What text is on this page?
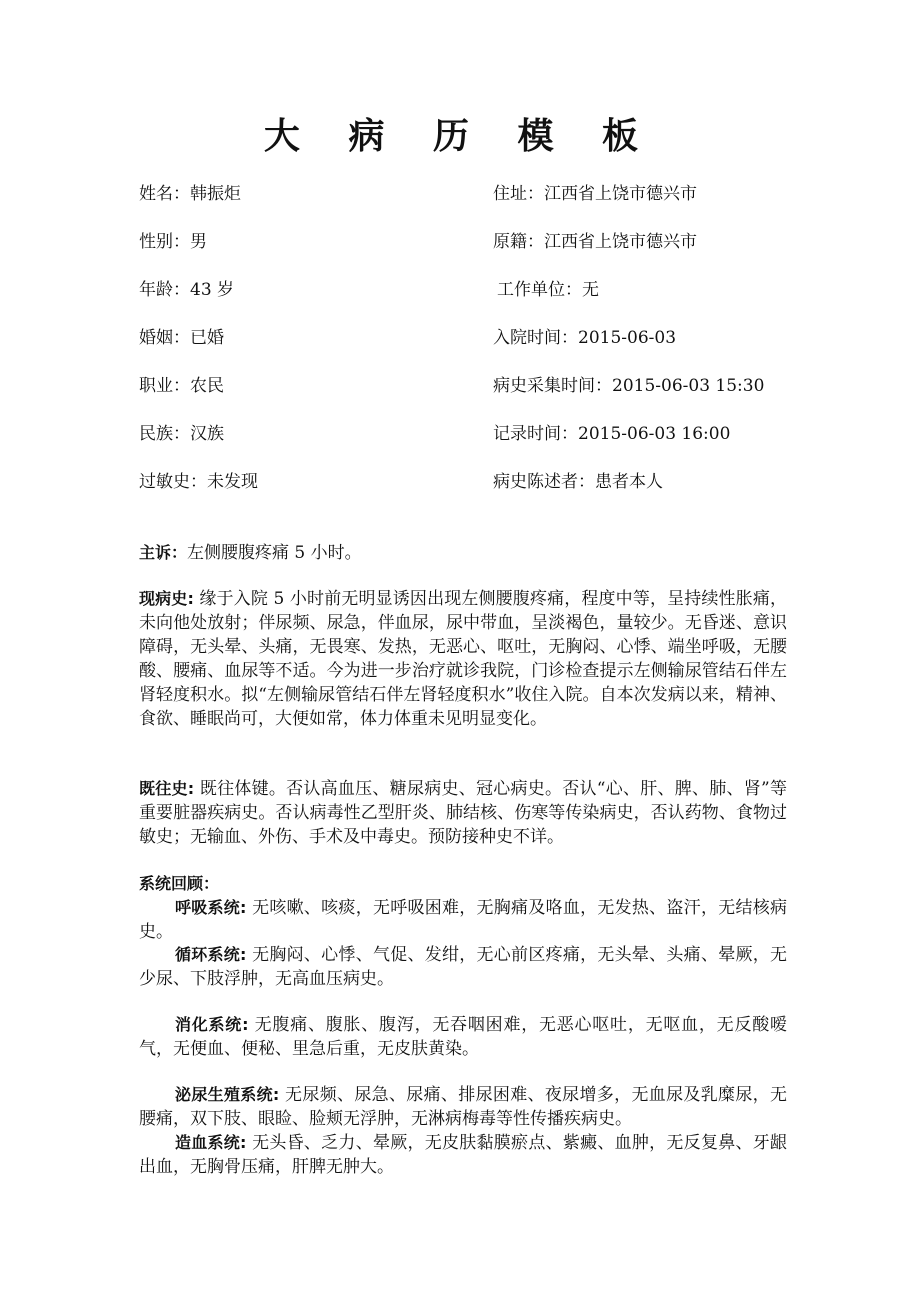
大 病 历 模 板
姓名：韩振炬
性别：男
年龄：43 岁
婚姻：已婚
职业：农民
民族：汉族
过敏史：未发现
住址：江西省上饶市德兴市
原籍：江西省上饶市德兴市
工作单位：无
入院时间：2015-06-03
病史采集时间：2015-06-03 15:30
记录时间：2015-06-03 16:00
病史陈述者：患者本人
主诉：左侧腰腹疼痛 5 小时。
现病史: 缘于入院 5 小时前无明显诱因出现左侧腰腹疼痛，程度中等，呈持续性胀痛，未向他处放射；伴尿频、尿急，伴血尿，尿中带血，呈淡褐色，量较少。无昏迷、意识障碍，无头晕、头痛，无畏寒、发热，无恶心、呕吐，无胸闷、心悸、端坐呼吸，无腰酸、腰痛、血尿等不适。今为进一步治疗就诊我院，门诊检查提示左侧输尿管结石伴左肾轻度积水。拟“左侧输尿管结石伴左肾轻度积水”收住入院。自本次发病以来，精神、食欲、睡眠尚可，大便如常，体力体重未见明显变化。
既往史: 既往体键。否认高血压、糖尿病史、冠心病史。否认“心、肝、脾、肺、肾”等重要脏器疾病史。否认病毒性乙型肝炎、肺结核、伤寒等传染病史，否认药物、食物过敏史；无输血、外伤、手术及中毒史。预防接种史不详。
系统回顾：
呼吸系统: 无咳嗽、咳痰，无呼吸困难，无胸痛及咯血，无发热、盗汗，无结核病史。
循环系统: 无胸闷、心悸、气促、发绀，无心前区疼痛，无头晕、头痛、晕厥，无少尿、下肢浮肿，无高血压病史。
消化系统: 无腹痛、腹胀、腹泻，无吞咽困难，无恶心呕吐，无呕血，无反酸嗳气，无便血、便秘、里急后重，无皮肤黄染。
泌尿生殖系统: 无尿频、尿急、尿痛、排尿困难、夜尿增多，无血尿及乳糜尿，无腰痛，双下肢、眼睑、脸颊无浮肿，无淋病梅毒等性传播疾病史。
造血系统: 无头昏、乏力、晕厥，无皮肤黏膜瘀点、紫癜、血肿，无反复鼻、牙龈出血，无胸骨压痛，肝脾无肿大。
